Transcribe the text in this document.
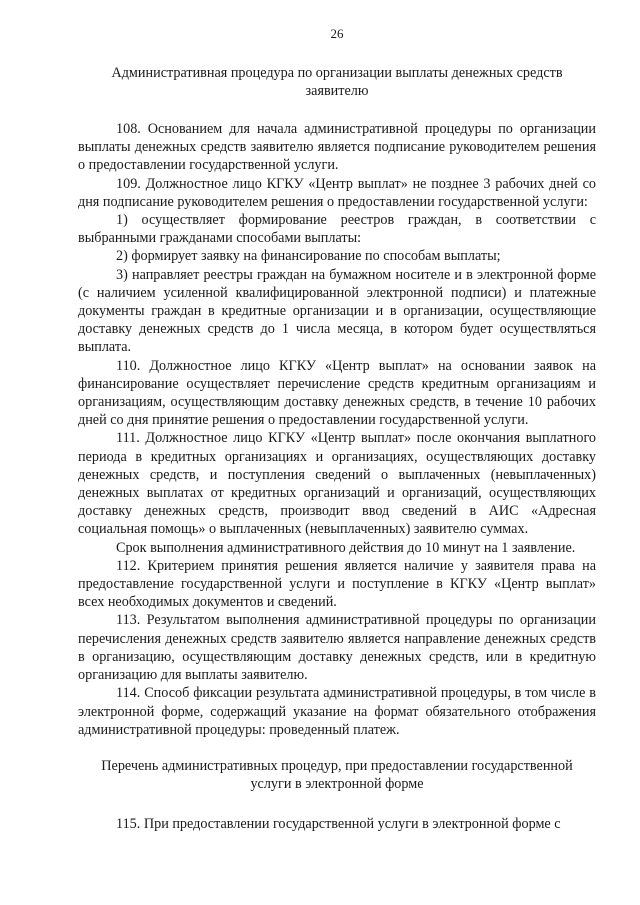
26
Административная процедура по организации выплаты денежных средств заявителю

108. Основанием для начала административной процедуры по организации выплаты денежных средств заявителю является подписание руководителем решения о предоставлении государственной услуги.

109. Должностное лицо КГКУ «Центр выплат» не позднее 3 рабочих дней со дня подписание руководителем решения о предоставлении государственной услуги:

1) осуществляет формирование реестров граждан, в соответствии с выбранными гражданами способами выплаты:

2) формирует заявку на финансирование по способам выплаты;

3) направляет реестры граждан на бумажном носителе и в электронной форме (с наличием усиленной квалифицированной электронной подписи) и платежные документы граждан в кредитные организации и в организации, осуществляющие доставку денежных средств до 1 числа месяца, в котором будет осуществляться выплата.

110. Должностное лицо КГКУ «Центр выплат» на основании заявок на финансирование осуществляет перечисление средств кредитным организациям и организациям, осуществляющим доставку денежных средств, в течение 10 рабочих дней со дня принятие решения о предоставлении государственной услуги.

111. Должностное лицо КГКУ «Центр выплат» после окончания выплатного периода в кредитных организациях и организациях, осуществляющих доставку денежных средств, и поступления сведений о выплаченных (невыплаченных) денежных выплатах от кредитных организаций и организаций, осуществляющих доставку денежных средств, производит ввод сведений в АИС «Адресная социальная помощь» о выплаченных (невыплаченных) заявителю суммах.

Срок выполнения административного действия до 10 минут на 1 заявление.

112. Критерием принятия решения является наличие у заявителя права на предоставление государственной услуги и поступление в КГКУ «Центр выплат» всех необходимых документов и сведений.

113. Результатом выполнения административной процедуры по организации перечисления денежных средств заявителю является направление денежных средств в организацию, осуществляющим доставку денежных средств, или в кредитную организацию для выплаты заявителю.

114. Способ фиксации результата административной процедуры, в том числе в электронной форме, содержащий указание на формат обязательного отображения административной процедуры: проведенный платеж.

Перечень административных процедур, при предоставлении государственной услуги в электронной форме

115. При предоставлении государственной услуги в электронной форме с
